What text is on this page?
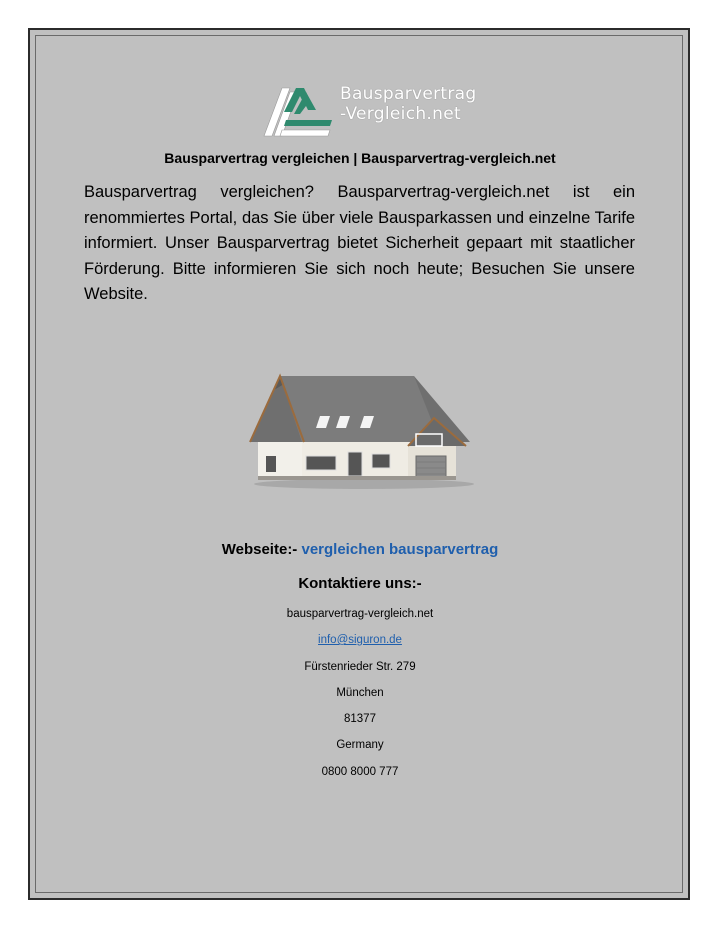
Bausparvertrag
-Vergleich.net
Bausparvertrag vergleichen | Bausparvertrag-vergleich.net

Bausparvertrag vergleichen? Bausparvertrag-vergleich.net ist ein renommiertes Portal, das Sie über viele Bausparkassen und einzelne Tarife informiert. Unser Bausparvertrag bietet Sicherheit gepaart mit staatlicher Förderung. Bitte informieren Sie sich noch heute; Besuchen Sie unsere Website.

Webseite:- vergleichen bausparvertrag
Kontaktiere uns:-
bausparvertrag-vergleich.net
info@siguron.de
Fürstenrieder Str. 279
München
81377
Germany
0800 8000 777
